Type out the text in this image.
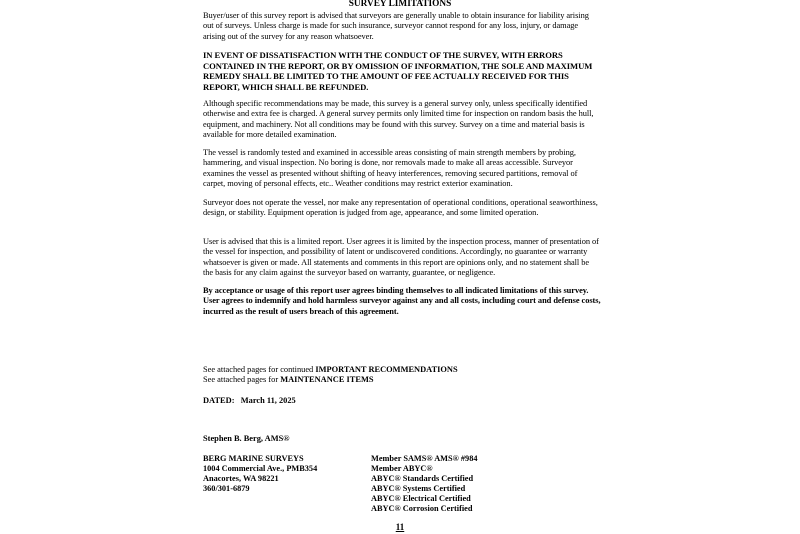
SURVEY LIMITATIONS

Buyer/user of this survey report is advised that surveyors are generally unable to obtain insurance for liability arising out of surveys. Unless charge is made for such insurance, surveyor cannot respond for any loss, injury, or damage arising out of the survey for any reason whatsoever.

IN EVENT OF DISSATISFACTION WITH THE CONDUCT OF THE SURVEY, WITH ERRORS CONTAINED IN THE REPORT, OR BY OMISSION OF INFORMATION, THE SOLE AND MAXIMUM REMEDY SHALL BE LIMITED TO THE AMOUNT OF FEE ACTUALLY RECEIVED FOR THIS REPORT, WHICH SHALL BE REFUNDED.

Although specific recommendations may be made, this survey is a general survey only, unless specifically identified otherwise and extra fee is charged. A general survey permits only limited time for inspection on random basis the hull, equipment, and machinery. Not all conditions may be found with this survey. Survey on a time and material basis is available for more detailed examination.

The vessel is randomly tested and examined in accessible areas consisting of main strength members by probing, hammering, and visual inspection. No boring is done, nor removals made to make all areas accessible. Surveyor examines the vessel as presented without shifting of heavy interferences, removing secured partitions, removal of carpet, moving of personal effects, etc.. Weather conditions may restrict exterior examination.

Surveyor does not operate the vessel, nor make any representation of operational conditions, operational seaworthiness, design, or stability. Equipment operation is judged from age, appearance, and some limited operation.

User is advised that this is a limited report. User agrees it is limited by the inspection process, manner of presentation of the vessel for inspection, and possibility of latent or undiscovered conditions. Accordingly, no guarantee or warranty whatsoever is given or made. All statements and comments in this report are opinions only, and no statement shall be the basis for any claim against the surveyor based on warranty, guarantee, or negligence.

By acceptance or usage of this report user agrees binding themselves to all indicated limitations of this survey. User agrees to indemnify and hold harmless surveyor against any and all costs, including court and defense costs, incurred as the result of users breach of this agreement.

See attached pages for continued IMPORTANT RECOMMENDATIONS
See attached pages for MAINTENANCE ITEMS
DATED: March 11, 2025
Stephen B. Berg, AMS®
BERG MARINE SURVEYS
1004 Commercial Ave., PMB354
Anacortes, WA 98221
360/301-6879
Member SAMS® AMS® #984
Member ABYC®
ABYC® Standards Certified
ABYC® Systems Certified
ABYC® Electrical Certified
ABYC® Corrosion Certified
11
